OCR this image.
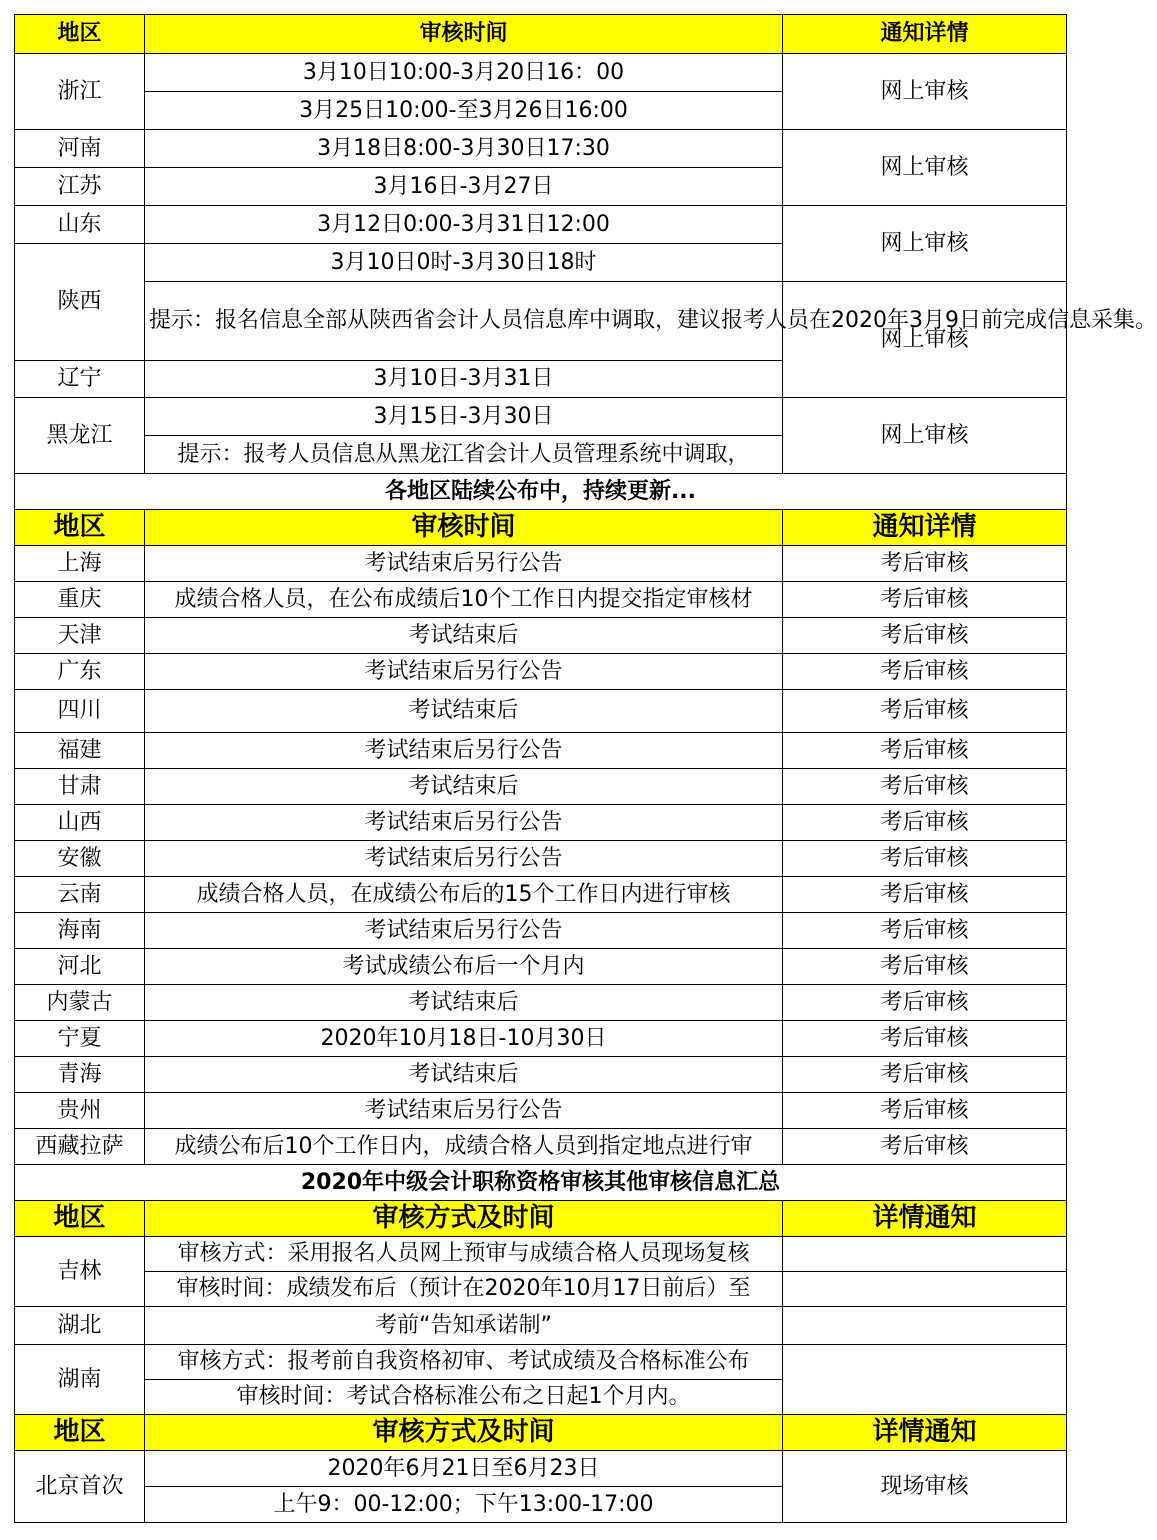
地区	审核时间	通知详情
浙江	3月10日10:00-3月20日16：00	网上审核
	3月25日10:00-至3月26日16:00	
河南	3月18日8:00-3月30日17:30	网上审核
江苏	3月16日-3月27日	
山东	3月12日0:00-3月31日12:00	网上审核
陕西	3月10日0时-3月30日18时	
	提示：报名信息全部从陕西省会计人员信息库中调取，建议报考人员在2020年3月9日前完成信息采集。	网上审核
辽宁	3月10日-3月31日	
黑龙江	3月15日-3月30日	网上审核
	提示：报考人员信息从黑龙江省会计人员管理系统中调取，	
各地区陆续公布中，持续更新...		
地区	审核时间	通知详情
上海	考试结束后另行公告	考后审核
重庆	成绩合格人员，在公布成绩后10个工作日内提交指定审核材	考后审核
天津	考试结束后	考后审核
广东	考试结束后另行公告	考后审核
四川	考试结束后	考后审核
福建	考试结束后另行公告	考后审核
甘肃	考试结束后	考后审核
山西	考试结束后另行公告	考后审核
安徽	考试结束后另行公告	考后审核
云南	成绩合格人员，在成绩公布后的15个工作日内进行审核	考后审核
海南	考试结束后另行公告	考后审核
河北	考试成绩公布后一个月内	考后审核
内蒙古	考试结束后	考后审核
宁夏	2020年10月18日-10月30日	考后审核
青海	考试结束后	考后审核
贵州	考试结束后另行公告	考后审核
西藏拉萨	成绩公布后10个工作日内，成绩合格人员到指定地点进行审	考后审核
2020年中级会计职称资格审核其他审核信息汇总		
地区	审核方式及时间	详情通知
吉林	审核方式：采用报名人员网上预审与成绩合格人员现场复核	
	审核时间：成绩发布后（预计在2020年10月17日前后）至	
湖北	考前“告知承诺制”	
湖南	审核方式：报考前自我资格初审、考试成绩及合格标准公布	
	审核时间：考试合格标准公布之日起1个月内。	
地区	审核方式及时间	详情通知
北京首次	2020年6月21日至6月23日	现场审核
	上午9：00-12:00；下午13:00-17:00	
